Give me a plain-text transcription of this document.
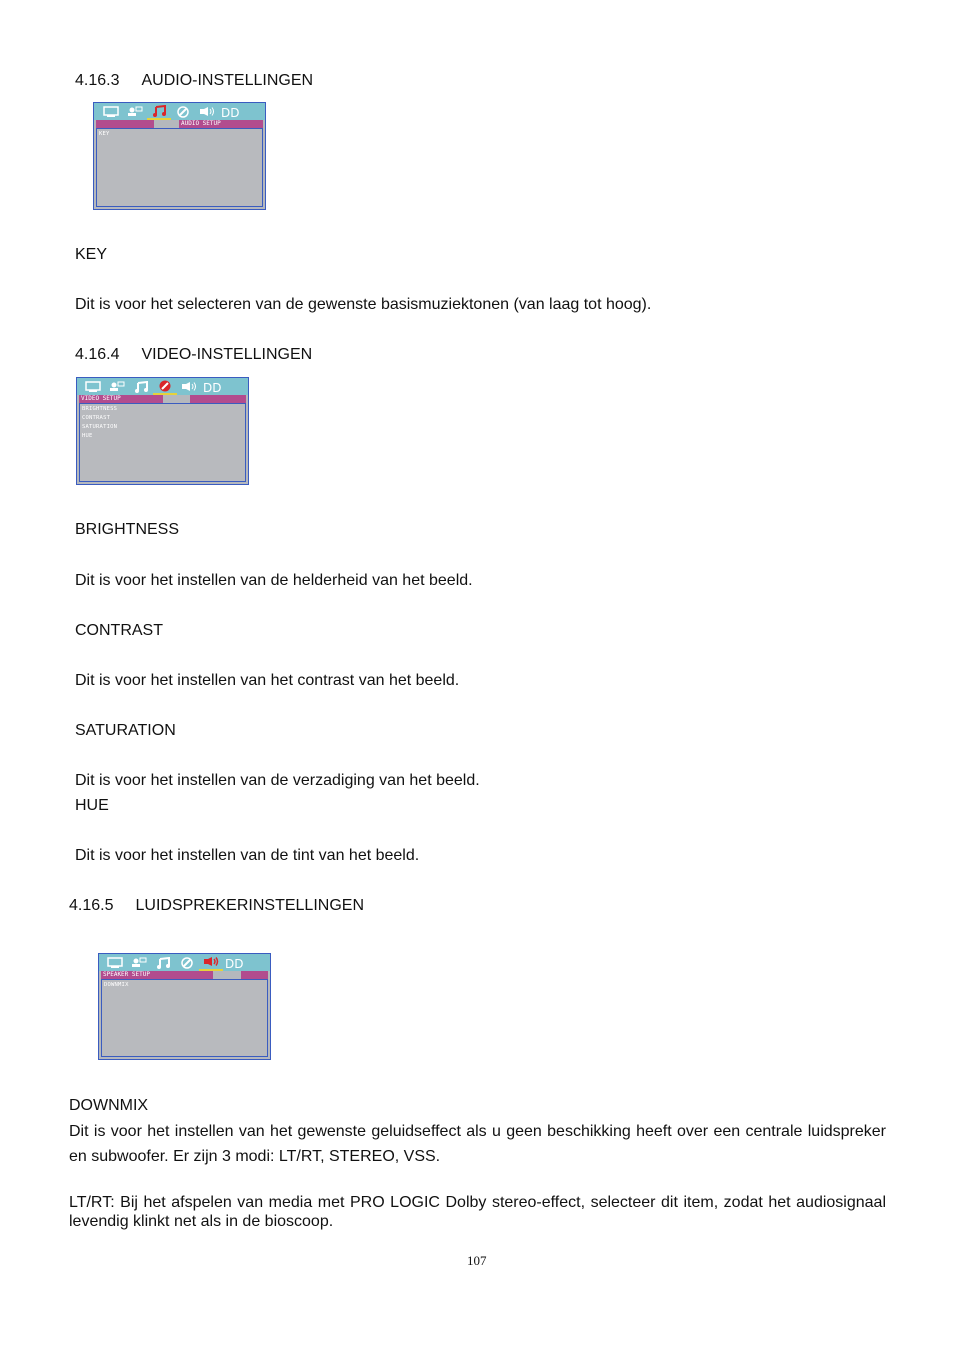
4.16.3 AUDIO-INSTELLINGEN
DD
AUDIO SETUP
KEY
KEY
Dit is voor het selecteren van de gewenste basismuziektonen (van laag tot hoog).
4.16.4 VIDEO-INSTELLINGEN
DD
VIDEO SETUP
BRIGHTNESS
CONTRAST
SATURATION
HUE
BRIGHTNESS
Dit is voor het instellen van de helderheid van het beeld.
CONTRAST
Dit is voor het instellen van het contrast van het beeld.
SATURATION
Dit is voor het instellen van de verzadiging van het beeld.
HUE
Dit is voor het instellen van de tint van het beeld.
4.16.5 LUIDSPREKERINSTELLINGEN
DD
SPEAKER SETUP
DOWNMIX
DOWNMIX
Dit is voor het instellen van het gewenste geluidseffect als u geen beschikking heeft over een centrale luidspreker en subwoofer. Er zijn 3 modi: LT/RT, STEREO, VSS.
LT/RT: Bij het afspelen van media met PRO LOGIC Dolby stereo-effect, selecteer dit item, zodat het audiosignaal levendig klinkt net als in de bioscoop.
107
